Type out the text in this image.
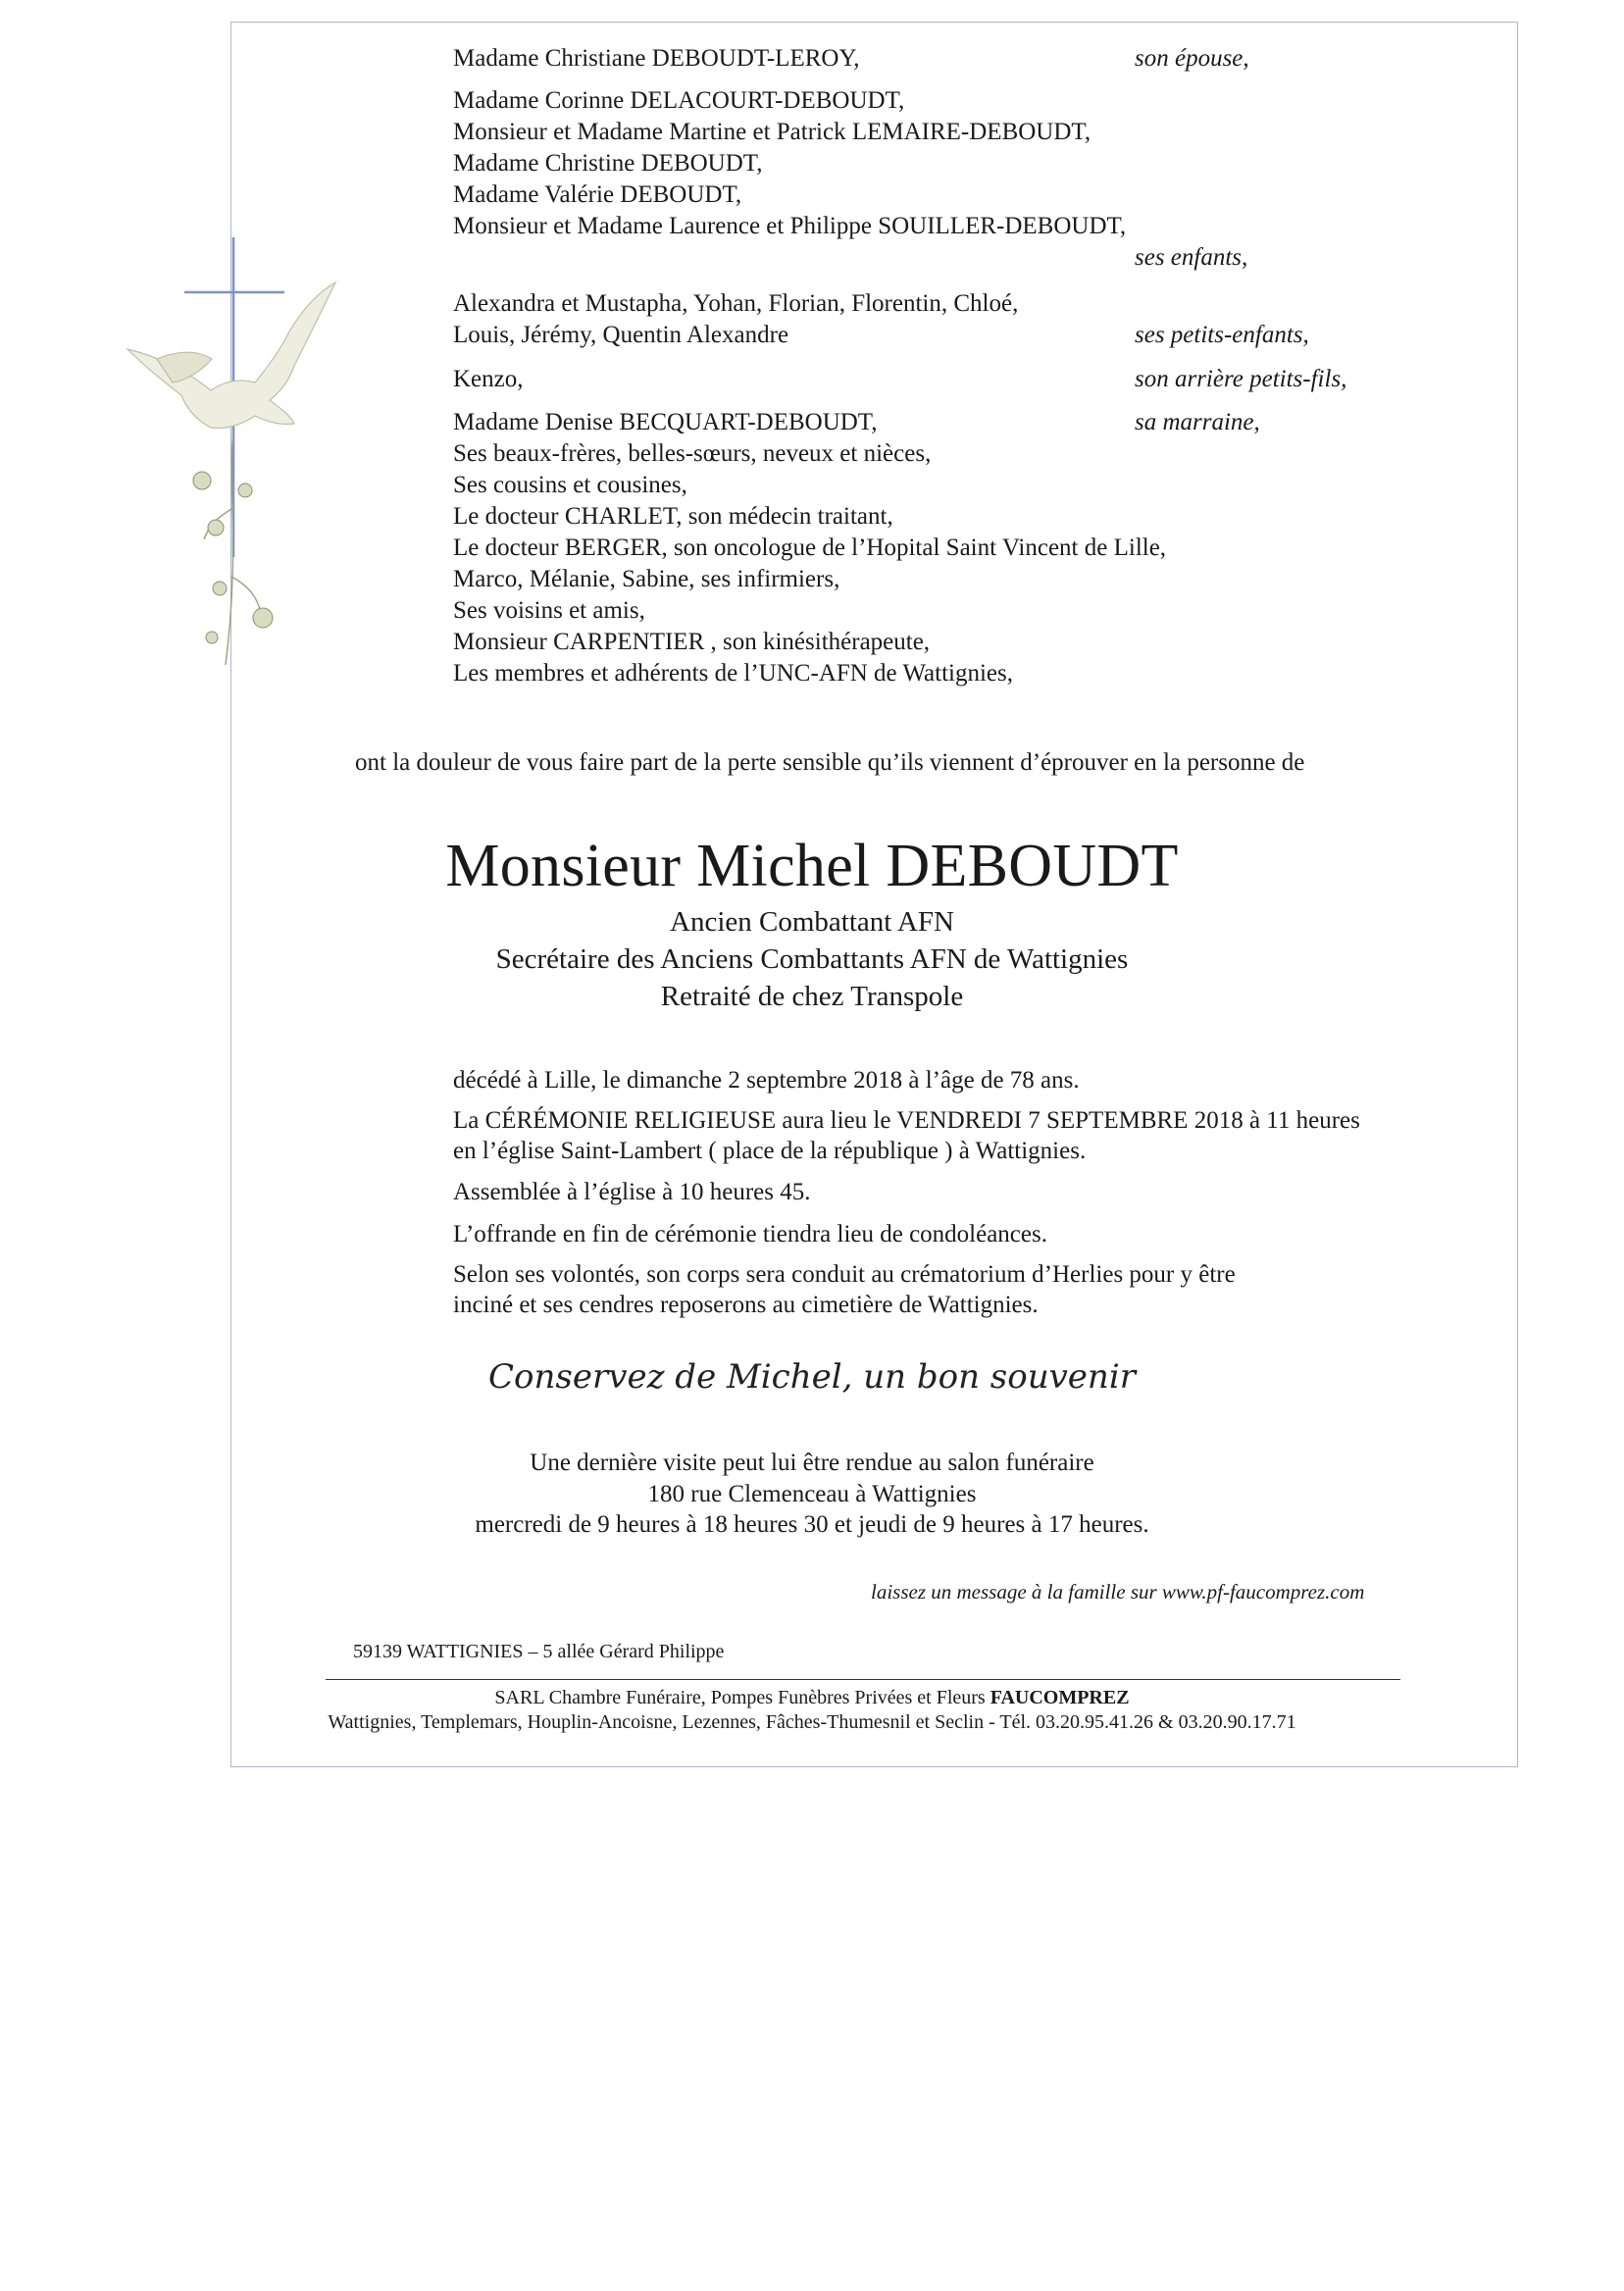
Madame Christiane DEBOUDT-LEROY,	son épouse,
Madame Corinne DELACOURT-DEBOUDT,
Monsieur et Madame Martine et Patrick LEMAIRE-DEBOUDT,
Madame Christine DEBOUDT,
Madame Valérie DEBOUDT,
Monsieur et Madame Laurence et Philippe SOUILLER-DEBOUDT,
ses enfants,
Alexandra et Mustapha, Yohan, Florian, Florentin, Chloé,
Louis, Jérémy, Quentin Alexandre	ses petits-enfants,
Kenzo,	son arrière petits-fils,
Madame Denise BECQUART-DEBOUDT,	sa marraine,
Ses beaux-frères, belles-sœurs, neveux et nièces,
Ses cousins et cousines,
Le docteur CHARLET, son médecin traitant,
Le docteur BERGER, son oncologue de l’Hopital Saint Vincent de Lille,
Marco, Mélanie, Sabine, ses infirmiers,
Ses voisins et amis,
Monsieur CARPENTIER , son kinésithérapeute,
Les membres et adhérents de l’UNC-AFN de Wattignies,
ont la douleur de vous faire part de la perte sensible qu’ils viennent d’éprouver en la personne de
Monsieur Michel DEBOUDT
Ancien Combattant AFN
Secrétaire des Anciens Combattants AFN de Wattignies
Retraité de chez Transpole
décédé à Lille, le dimanche 2 septembre 2018 à l’âge de 78 ans.
La CÉRÉMONIE RELIGIEUSE aura lieu le VENDREDI 7 SEPTEMBRE 2018 à 11 heures
en l’église Saint-Lambert ( place de la république ) à Wattignies.
Assemblée à l’église à 10 heures 45.
L’offrande en fin de cérémonie tiendra lieu de condoléances.
Selon ses volontés, son corps sera conduit au crématorium d’Herlies pour y être
inciné et ses cendres reposerons au cimetière de Wattignies.
Conservez de Michel, un bon souvenir
Une dernière visite peut lui être rendue au salon funéraire
180 rue Clemenceau à Wattignies
mercredi de 9 heures à 18 heures 30 et jeudi de 9 heures à 17 heures.
laissez un message à la famille sur www.pf-faucomprez.com
59139 WATTIGNIES – 5 allée Gérard Philippe
SARL Chambre Funéraire, Pompes Funèbres Privées et Fleurs FAUCOMPREZ
Wattignies, Templemars, Houplin-Ancoisne, Lezennes, Fâches-Thumesnil et Seclin - Tél. 03.20.95.41.26 & 03.20.90.17.71
